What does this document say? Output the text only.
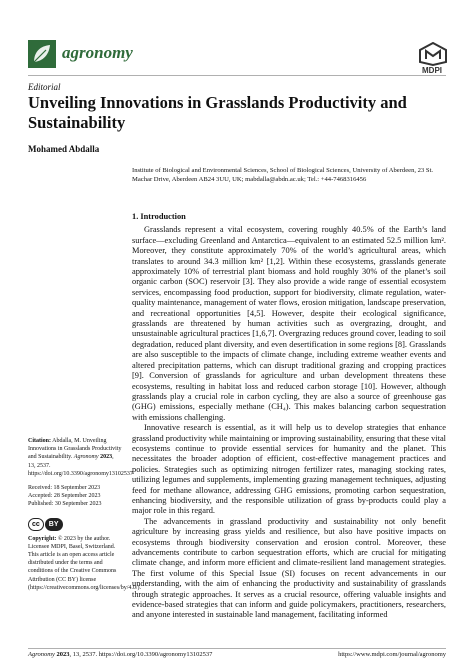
agronomy
MDPI
Editorial
Unveiling Innovations in Grasslands Productivity and Sustainability
Mohamed Abdalla
Institute of Biological and Environmental Sciences, School of Biological Sciences, University of Aberdeen, 23 St. Machar Drive, Aberdeen AB24 3UU, UK; mabdalla@abdn.ac.uk; Tel.: +44-7468316456
1. Introduction

Grasslands represent a vital ecosystem, covering roughly 40.5% of the Earth’s land surface—excluding Greenland and Antarctica—equivalent to an estimated 52.5 million km². Moreover, they constitute approximately 70% of the world’s agricultural areas, which translates to around 34.3 million km² [1,2]. Within these ecosystems, grasslands generate approximately 10% of terrestrial plant biomass and hold roughly 30% of the planet’s soil organic carbon (SOC) reservoir [3]. They also provide a wide range of essential ecosystem services, encompassing food production, support for biodiversity, climate regulation, water-quality maintenance, management of water flows, erosion mitigation, landscape preservation, and recreational opportunities [4,5]. However, despite their ecological significance, grasslands are threatened by human activities such as overgrazing, drought, and unsustainable agricultural practices [1,6,7]. Overgrazing reduces ground cover, leading to soil degradation, reduced plant diversity, and even desertification in some regions [8]. Grasslands are also susceptible to the impacts of climate change, including extreme weather events and altered precipitation patterns, which can disrupt traditional grazing and cropping practices [9]. Conversion of grasslands for agriculture and urban development threatens these ecosystems, resulting in habitat loss and reduced carbon storage [10]. However, although grasslands play a crucial role in carbon cycling, they are also a source of greenhouse gas (GHG) emissions, especially methane (CH₄). This makes balancing carbon sequestration with emissions challenging.

Innovative research is essential, as it will help us to develop strategies that enhance grassland productivity while maintaining or improving sustainability, ensuring that these vital ecosystems continue to provide essential services for humanity and the planet. This necessitates the broader adoption of efficient, cost-effective management practices and policies. Strategies such as optimizing nitrogen fertilizer rates, managing stocking rates, utilizing legumes and supplements, implementing grazing management techniques, adjusting feed for methane allowance, addressing GHG emissions, promoting carbon sequestration, enhancing biodiversity, and the responsible utilization of grass by-products could play a major role in this regard.

The advancements in grassland productivity and sustainability not only benefit agriculture by increasing grass yields and resilience, but also have positive impacts on ecosystems through biodiversity conservation and erosion control. Moreover, these advancements contribute to carbon sequestration efforts, which are crucial for mitigating climate change, and inform more efficient and climate-resilient land management strategies. The first volume of this Special Issue (SI) focuses on recent advancements in our understanding, with the aim of enhancing the productivity and sustainability of grasslands through strategic approaches. It serves as a crucial resource, offering valuable insights and evidence-based strategies that can inform and guide policymakers, practitioners, researchers, and anyone interested in sustainable land management, facilitating informed

Citation: Abdalla, M. Unveiling Innovations in Grasslands Productivity and Sustainability. Agronomy 2023, 13, 2537. https://doi.org/10.3390/agronomy13102537
Received: 18 September 2023
Accepted: 28 September 2023
Published: 30 September 2023
cc	BY
Copyright: © 2023 by the author. Licensee MDPI, Basel, Switzerland. This article is an open access article distributed under the terms and conditions of the Creative Commons Attribution (CC BY) license (https://creativecommons.org/licenses/by/4.0/).
Agronomy 2023, 13, 2537. https://doi.org/10.3390/agronomy13102537	https://www.mdpi.com/journal/agronomy
